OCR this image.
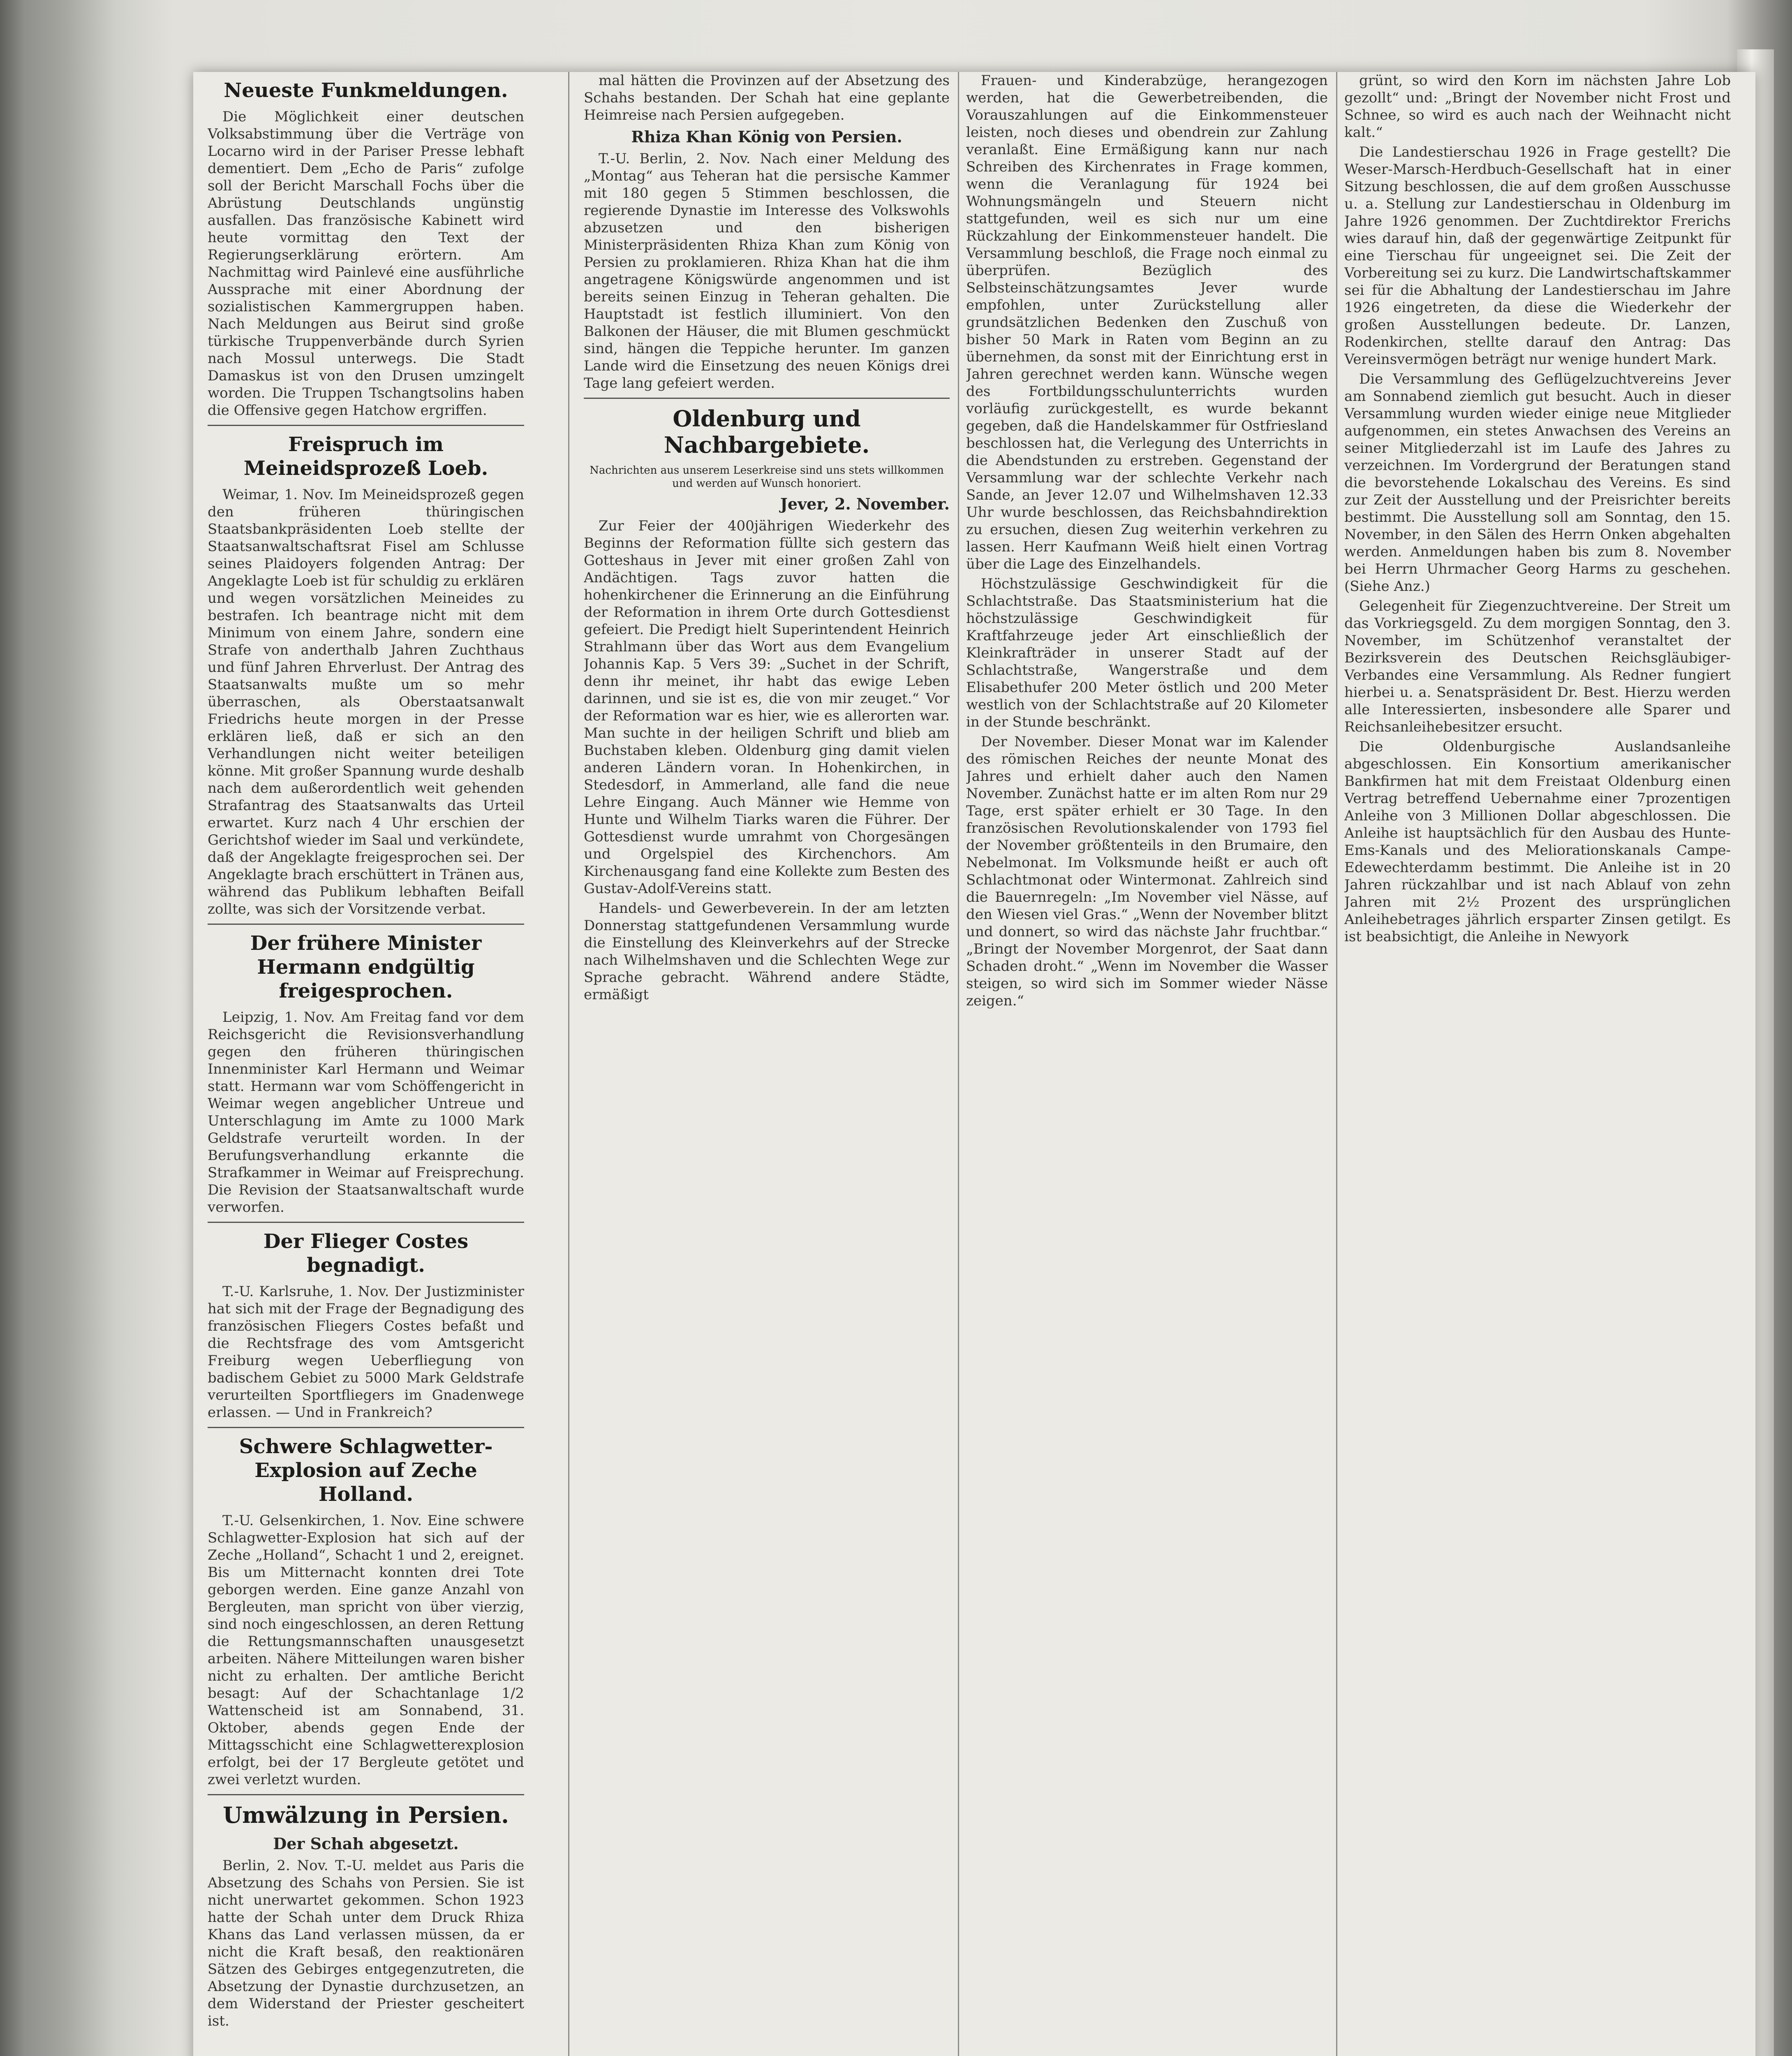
Neueste Funkmeldungen.
Die Möglichkeit einer deutschen Volksabstimmung über die Verträge von Locarno wird in der Pariser Presse lebhaft dementiert. Dem „Echo de Paris“ zufolge soll der Bericht Marschall Fochs über die Abrüstung Deutschlands ungünstig ausfallen. Das französische Kabinett wird heute vormittag den Text der Regierungserklärung erörtern. Am Nachmittag wird Painlevé eine ausführliche Aussprache mit einer Abordnung der sozialistischen Kammergruppen haben. Nach Meldungen aus Beirut sind große türkische Truppenverbände durch Syrien nach Mossul unterwegs. Die Stadt Damaskus ist von den Drusen umzingelt worden. Die Truppen Tschangtsolins haben die Offensive gegen Hatchow ergriffen.
Freispruch im Meineidsprozeß Loeb.
Weimar, 1. Nov. Im Meineidsprozeß gegen den früheren thüringischen Staatsbankpräsidenten Loeb stellte der Staatsanwaltschaftsrat Fisel am Schlusse seines Plaidoyers folgenden Antrag: Der Angeklagte Loeb ist für schuldig zu erklären und wegen vorsätzlichen Meineides zu bestrafen. Ich beantrage nicht mit dem Minimum von einem Jahre, sondern eine Strafe von anderthalb Jahren Zuchthaus und fünf Jahren Ehrverlust. Der Antrag des Staatsanwalts mußte um so mehr überraschen, als Oberstaatsanwalt Friedrichs heute morgen in der Presse erklären ließ, daß er sich an den Verhandlungen nicht weiter beteiligen könne. Mit großer Spannung wurde deshalb nach dem außerordentlich weit gehenden Strafantrag des Staatsanwalts das Urteil erwartet. Kurz nach 4 Uhr erschien der Gerichtshof wieder im Saal und verkündete, daß der Angeklagte freigesprochen sei. Der Angeklagte brach erschüttert in Tränen aus, während das Publikum lebhaften Beifall zollte, was sich der Vorsitzende verbat.
Der frühere Minister Hermann endgültig freigesprochen.
Leipzig, 1. Nov. Am Freitag fand vor dem Reichsgericht die Revisionsverhandlung gegen den früheren thüringischen Innenminister Karl Hermann und Weimar statt. Hermann war vom Schöffengericht in Weimar wegen angeblicher Untreue und Unterschlagung im Amte zu 1000 Mark Geldstrafe verurteilt worden. In der Berufungsverhandlung erkannte die Strafkammer in Weimar auf Freisprechung. Die Revision der Staatsanwaltschaft wurde verworfen.
Der Flieger Costes begnadigt.
T.-U. Karlsruhe, 1. Nov. Der Justizminister hat sich mit der Frage der Begnadigung des französischen Fliegers Costes befaßt und die Rechtsfrage des vom Amtsgericht Freiburg wegen Ueberfliegung von badischem Gebiet zu 5000 Mark Geldstrafe verurteilten Sportfliegers im Gnadenwege erlassen. — Und in Frankreich?
Schwere Schlagwetter-Explosion auf Zeche Holland.
T.-U. Gelsenkirchen, 1. Nov. Eine schwere Schlagwetter-Explosion hat sich auf der Zeche „Holland“, Schacht 1 und 2, ereignet. Bis um Mitternacht konnten drei Tote geborgen werden. Eine ganze Anzahl von Bergleuten, man spricht von über vierzig, sind noch eingeschlossen, an deren Rettung die Rettungsmannschaften unausgesetzt arbeiten. Nähere Mitteilungen waren bisher nicht zu erhalten. Der amtliche Bericht besagt: Auf der Schachtanlage 1/2 Wattenscheid ist am Sonnabend, 31. Oktober, abends gegen Ende der Mittagsschicht eine Schlagwetterexplosion erfolgt, bei der 17 Bergleute getötet und zwei verletzt wurden.
Umwälzung in Persien.
Der Schah abgesetzt.
Berlin, 2. Nov. T.-U. meldet aus Paris die Absetzung des Schahs von Persien. Sie ist nicht unerwartet gekommen. Schon 1923 hatte der Schah unter dem Druck Rhiza Khans das Land verlassen müssen, da er nicht die Kraft besaß, den reaktionären Sätzen des Gebirges entgegenzutreten, die Absetzung der Dynastie durchzusetzen, an dem Widerstand der Priester gescheitert ist.
mal hätten die Provinzen auf der Absetzung des Schahs bestanden. Der Schah hat eine geplante Heimreise nach Persien aufgegeben.
Rhiza Khan König von Persien.
T.-U. Berlin, 2. Nov. Nach einer Meldung des „Montag“ aus Teheran hat die persische Kammer mit 180 gegen 5 Stimmen beschlossen, die regierende Dynastie im Interesse des Volkswohls abzusetzen und den bisherigen Ministerpräsidenten Rhiza Khan zum König von Persien zu proklamieren. Rhiza Khan hat die ihm angetragene Königswürde angenommen und ist bereits seinen Einzug in Teheran gehalten. Die Hauptstadt ist festlich illuminiert. Von den Balkonen der Häuser, die mit Blumen geschmückt sind, hängen die Teppiche herunter. Im ganzen Lande wird die Einsetzung des neuen Königs drei Tage lang gefeiert werden.
Oldenburg und Nachbargebiete.
Nachrichten aus unserem Leserkreise sind uns stets willkommen und werden auf Wunsch honoriert.
Jever, 2. November.
Zur Feier der 400jährigen Wiederkehr des Beginns der Reformation füllte sich gestern das Gotteshaus in Jever mit einer großen Zahl von Andächtigen. Tags zuvor hatten die hohenkirchener die Erinnerung an die Einführung der Reformation in ihrem Orte durch Gottesdienst gefeiert. Die Predigt hielt Superintendent Heinrich Strahlmann über das Wort aus dem Evangelium Johannis Kap. 5 Vers 39: „Suchet in der Schrift, denn ihr meinet, ihr habt das ewige Leben darinnen, und sie ist es, die von mir zeuget.“ Vor der Reformation war es hier, wie es allerorten war. Man suchte in der heiligen Schrift und blieb am Buchstaben kleben. Oldenburg ging damit vielen anderen Ländern voran. In Hohenkirchen, in Stedesdorf, in Ammerland, alle fand die neue Lehre Eingang. Auch Männer wie Hemme von Hunte und Wilhelm Tiarks waren die Führer. Der Gottesdienst wurde umrahmt von Chorgesängen und Orgelspiel des Kirchenchors. Am Kirchenausgang fand eine Kollekte zum Besten des Gustav-Adolf-Vereins statt.
Handels- und Gewerbeverein. In der am letzten Donnerstag stattgefundenen Versammlung wurde die Einstellung des Kleinverkehrs auf der Strecke nach Wilhelmshaven und die Schlechten Wege zur Sprache gebracht. Während andere Städte, ermäßigt
Frauen- und Kinderabzüge, herangezogen werden, hat die Gewerbetreibenden, die Vorauszahlungen auf die Einkommensteuer leisten, noch dieses und obendrein zur Zahlung veranlaßt. Eine Ermäßigung kann nur nach Schreiben des Kirchenrates in Frage kommen, wenn die Veranlagung für 1924 bei Wohnungsmängeln und Steuern nicht stattgefunden, weil es sich nur um eine Rückzahlung der Einkommensteuer handelt. Die Versammlung beschloß, die Frage noch einmal zu überprüfen. Bezüglich des Selbsteinschätzungsamtes Jever wurde empfohlen, unter Zurückstellung aller grundsätzlichen Bedenken den Zuschuß von bisher 50 Mark in Raten vom Beginn an zu übernehmen, da sonst mit der Einrichtung erst in Jahren gerechnet werden kann. Wünsche wegen des Fortbildungsschulunterrichts wurden vorläufig zurückgestellt, es wurde bekannt gegeben, daß die Handelskammer für Ostfriesland beschlossen hat, die Verlegung des Unterrichts in die Abendstunden zu erstreben. Gegenstand der Versammlung war der schlechte Verkehr nach Sande, an Jever 12.07 und Wilhelmshaven 12.33 Uhr wurde beschlossen, das Reichsbahndirektion zu ersuchen, diesen Zug weiterhin verkehren zu lassen. Herr Kaufmann Weiß hielt einen Vortrag über die Lage des Einzelhandels.
Höchstzulässige Geschwindigkeit für die Schlachtstraße. Das Staatsministerium hat die höchstzulässige Geschwindigkeit für Kraftfahrzeuge jeder Art einschließlich der Kleinkrafträder in unserer Stadt auf der Schlachtstraße, Wangerstraße und dem Elisabethufer 200 Meter östlich und 200 Meter westlich von der Schlachtstraße auf 20 Kilometer in der Stunde beschränkt.
Der November. Dieser Monat war im Kalender des römischen Reiches der neunte Monat des Jahres und erhielt daher auch den Namen November. Zunächst hatte er im alten Rom nur 29 Tage, erst später erhielt er 30 Tage. In den französischen Revolutionskalender von 1793 fiel der November größtenteils in den Brumaire, den Nebelmonat. Im Volksmunde heißt er auch oft Schlachtmonat oder Wintermonat. Zahlreich sind die Bauernregeln: „Im November viel Nässe, auf den Wiesen viel Gras.“ „Wenn der November blitzt und donnert, so wird das nächste Jahr fruchtbar.“ „Bringt der November Morgenrot, der Saat dann Schaden droht.“ „Wenn im November die Wasser steigen, so wird sich im Sommer wieder Nässe zeigen.“
grünt, so wird den Korn im nächsten Jahre Lob gezollt“ und: „Bringt der November nicht Frost und Schnee, so wird es auch nach der Weihnacht nicht kalt.“
Die Landestierschau 1926 in Frage gestellt? Die Weser-Marsch-Herdbuch-Gesellschaft hat in einer Sitzung beschlossen, die auf dem großen Ausschusse u. a. Stellung zur Landestierschau in Oldenburg im Jahre 1926 genommen. Der Zuchtdirektor Frerichs wies darauf hin, daß der gegenwärtige Zeitpunkt für eine Tierschau für ungeeignet sei. Die Zeit der Vorbereitung sei zu kurz. Die Landwirtschaftskammer sei für die Abhaltung der Landestierschau im Jahre 1926 eingetreten, da diese die Wiederkehr der großen Ausstellungen bedeute. Dr. Lanzen, Rodenkirchen, stellte darauf den Antrag: Das Vereinsvermögen beträgt nur wenige hundert Mark.
Die Versammlung des Geflügelzuchtvereins Jever am Sonnabend ziemlich gut besucht. Auch in dieser Versammlung wurden wieder einige neue Mitglieder aufgenommen, ein stetes Anwachsen des Vereins an seiner Mitgliederzahl ist im Laufe des Jahres zu verzeichnen. Im Vordergrund der Beratungen stand die bevorstehende Lokalschau des Vereins. Es sind zur Zeit der Ausstellung und der Preisrichter bereits bestimmt. Die Ausstellung soll am Sonntag, den 15. November, in den Sälen des Herrn Onken abgehalten werden. Anmeldungen haben bis zum 8. November bei Herrn Uhrmacher Georg Harms zu geschehen. (Siehe Anz.)
Gelegenheit für Ziegenzuchtvereine. Der Streit um das Vorkriegsgeld. Zu dem morgigen Sonntag, den 3. November, im Schützenhof veranstaltet der Bezirksverein des Deutschen Reichsgläubiger-Verbandes eine Versammlung. Als Redner fungiert hierbei u. a. Senatspräsident Dr. Best. Hierzu werden alle Interessierten, insbesondere alle Sparer und Reichsanleihebesitzer ersucht.
Die Oldenburgische Auslandsanleihe abgeschlossen. Ein Konsortium amerikanischer Bankfirmen hat mit dem Freistaat Oldenburg einen Vertrag betreffend Uebernahme einer 7prozentigen Anleihe von 3 Millionen Dollar abgeschlossen. Die Anleihe ist hauptsächlich für den Ausbau des Hunte-Ems-Kanals und des Meliorationskanals Campe-Edewechterdamm bestimmt. Die Anleihe ist in 20 Jahren rückzahlbar und ist nach Ablauf von zehn Jahren mit 2½ Prozent des ursprünglichen Anleihebetrages jährlich ersparter Zinsen getilgt. Es ist beabsichtigt, die Anleihe in Newyork
